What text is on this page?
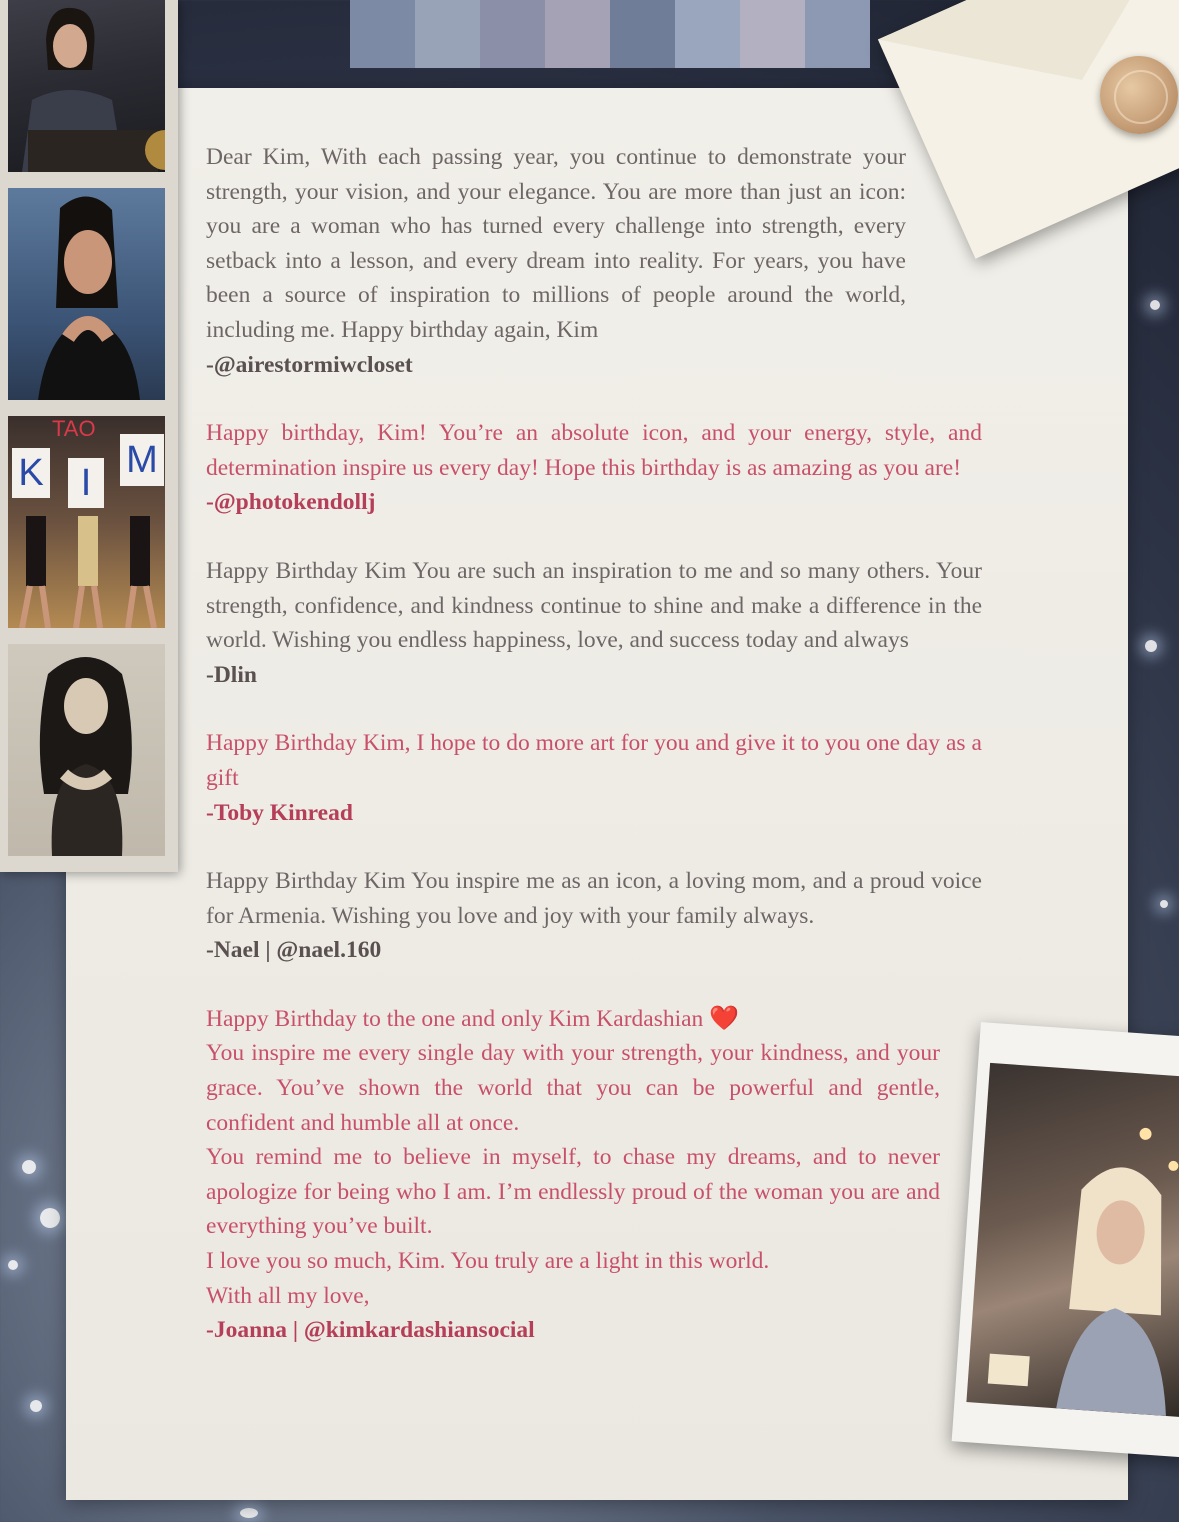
K I
M
TAO

Dear Kim, With each passing year, you continue to demonstrate your strength, your vision, and your elegance. You are more than just an icon: you are a woman who has turned every challenge into strength, every setback into a lesson, and every dream into reality. For years, you have been a source of inspiration to millions of people around the world, including me. Happy birthday again, Kim

-@airestormiwcloset

Happy birthday, Kim! You’re an absolute icon, and your energy, style, and determination inspire us every day! Hope this birthday is as amazing as you are!

-@photokendollj

Happy Birthday Kim You are such an inspiration to me and so many others. Your strength, confidence, and kindness continue to shine and make a difference in the world. Wishing you endless happiness, love, and success today and always

-Dlin

Happy Birthday Kim, I hope to do more art for you and give it to you one day as a gift

-Toby Kinread

Happy Birthday Kim You inspire me as an icon, a loving mom, and a proud voice for Armenia. Wishing you love and joy with your family always.

-Nael | @nael.160

Happy Birthday to the one and only Kim Kardashian ❤️

You inspire me every single day with your strength, your kindness, and your grace. You’ve shown the world that you can be powerful and gentle, confident and humble all at once.

You remind me to believe in myself, to chase my dreams, and to never apologize for being who I am. I’m endlessly proud of the woman you are and everything you’ve built.

I love you so much, Kim. You truly are a light in this world.

With all my love,

-Joanna | @kimkardashiansocial
